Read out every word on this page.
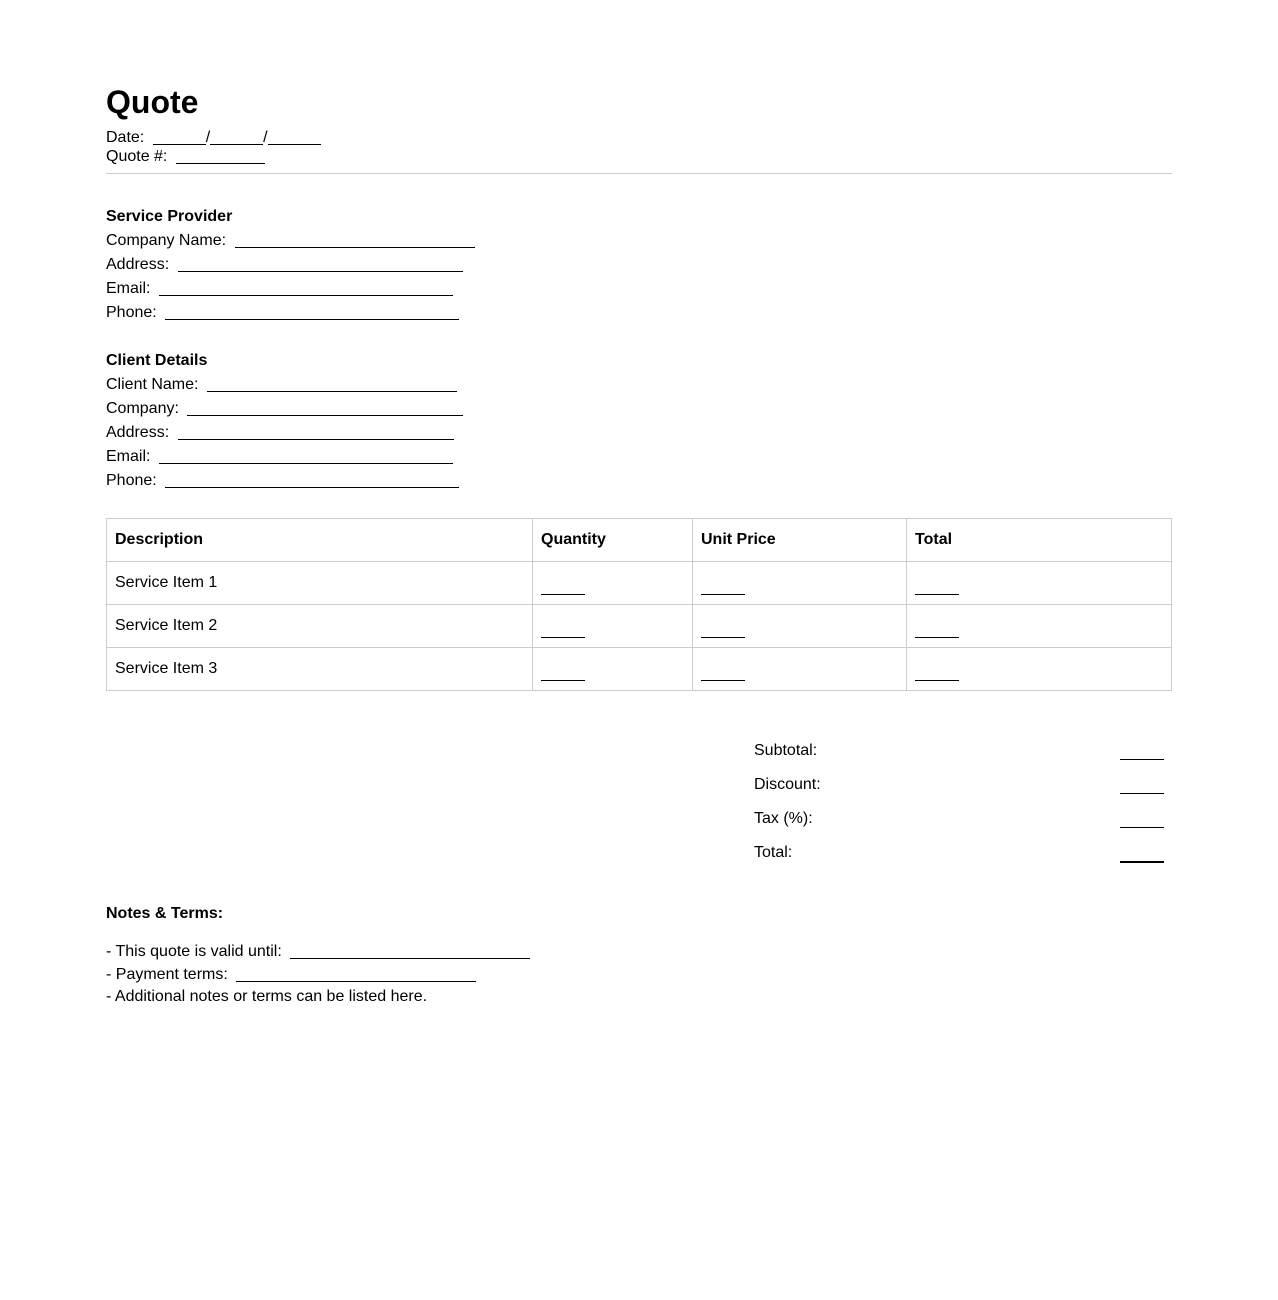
Quote
Date:	/	/
Quote #:
Service Provider
Company Name:
Address:
Email:
Phone:
Client Details
Client Name:
Company:
Address:
Email:
Phone:
Description	Quantity	Unit Price	Total
Service Item 1			
Service Item 2			
Service Item 3			
Subtotal:
Discount:
Tax (%):
Total:
Notes & Terms:
- This quote is valid until:
- Payment terms:
- Additional notes or terms can be listed here.
